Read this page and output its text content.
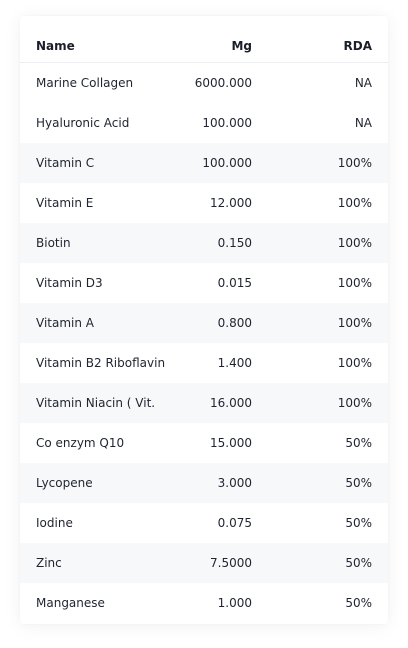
Name	Mg	RDA
Marine Collagen	6000.000	NA
Hyaluronic Acid	100.000	NA
Vitamin C	100.000	100%
Vitamin E	12.000	100%
Biotin	0.150	100%
Vitamin D3	0.015	100%
Vitamin A	0.800	100%
Vitamin B2 Riboflavin	1.400	100%
Vitamin Niacin ( Vit.	16.000	100%
Co enzym Q10	15.000	50%
Lycopene	3.000	50%
Iodine	0.075	50%
Zinc	7.5000	50%
Manganese	1.000	50%
